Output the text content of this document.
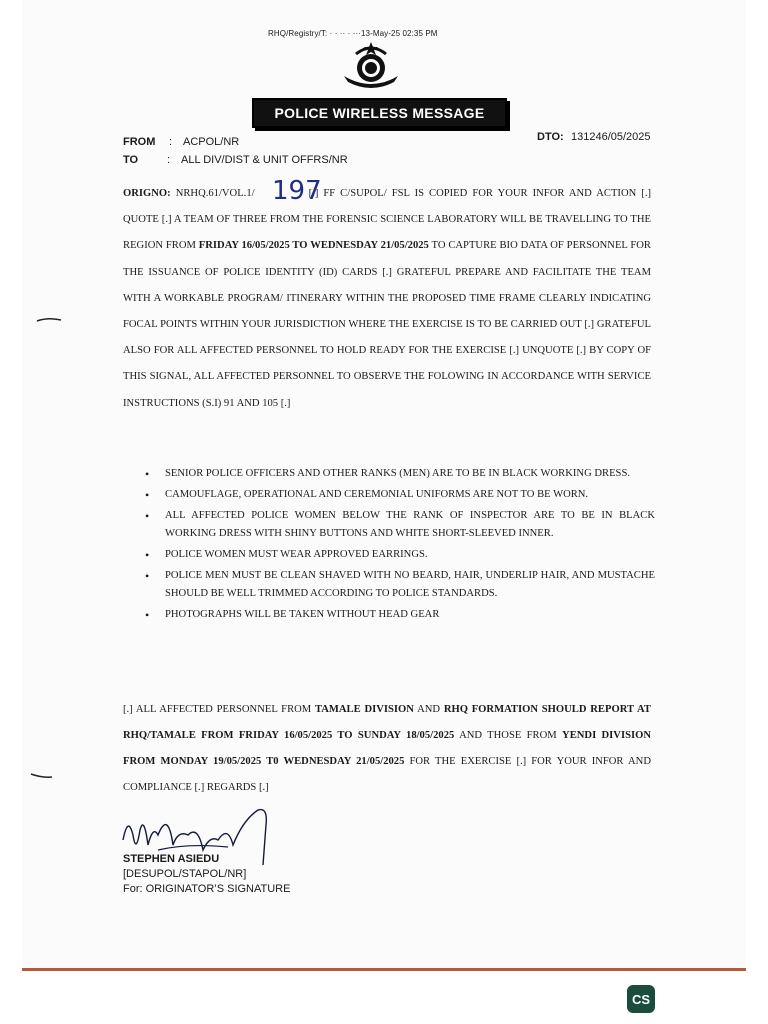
RHQ/Registry/T: · · ·· · ···13-May-25 02:35 PM
POLICE WIRELESS MESSAGE
FROM : ACPOL/NR
TO	: ALL DIV/DIST & UNIT OFFRS/NR
DTO: 131246/05/2025
ORIGNO: NRHQ.61/VOL.1/	[.] FF C/SUPOL/ FSL IS COPIED FOR YOUR INFOR AND ACTION [.] QUOTE [.] A TEAM OF THREE FROM THE FORENSIC SCIENCE LABORATORY WILL BE TRAVELLING TO THE REGION FROM FRIDAY 16/05/2025 TO WEDNESDAY 21/05/2025 TO CAPTURE BIO DATA OF PERSONNEL FOR THE ISSUANCE OF POLICE IDENTITY (ID) CARDS [.] GRATEFUL PREPARE AND FACILITATE THE TEAM WITH A WORKABLE PROGRAM/ ITINERARY WITHIN THE PROPOSED TIME FRAME CLEARLY INDICATING FOCAL POINTS WITHIN YOUR JURISDICTION WHERE THE EXERCISE IS TO BE CARRIED OUT [.] GRATEFUL ALSO FOR ALL AFFECTED PERSONNEL TO HOLD READY FOR THE EXERCISE [.] UNQUOTE [.] BY COPY OF THIS SIGNAL, ALL AFFECTED PERSONNEL TO OBSERVE THE FOLOWING IN ACCORDANCE WITH SERVICE INSTRUCTIONS (S.I) 91 AND 105 [.]
197
• SENIOR POLICE OFFICERS AND OTHER RANKS (MEN) ARE TO BE IN BLACK WORKING DRESS.
• CAMOUFLAGE, OPERATIONAL AND CEREMONIAL UNIFORMS ARE NOT TO BE WORN.
• ALL AFFECTED POLICE WOMEN BELOW THE RANK OF INSPECTOR ARE TO BE IN BLACK WORKING DRESS WITH SHINY BUTTONS AND WHITE SHORT-SLEEVED INNER.
• POLICE WOMEN MUST WEAR APPROVED EARRINGS.
• POLICE MEN MUST BE CLEAN SHAVED WITH NO BEARD, HAIR, UNDERLIP HAIR, AND MUSTACHE SHOULD BE WELL TRIMMED ACCORDING TO POLICE STANDARDS.
• PHOTOGRAPHS WILL BE TAKEN WITHOUT HEAD GEAR
[.] ALL AFFECTED PERSONNEL FROM TAMALE DIVISION AND RHQ FORMATION SHOULD REPORT AT RHQ/TAMALE FROM FRIDAY 16/05/2025 TO SUNDAY 18/05/2025 AND THOSE FROM YENDI DIVISION FROM MONDAY 19/05/2025 T0 WEDNESDAY 21/05/2025 FOR THE EXERCISE [.] FOR YOUR INFOR AND COMPLIANCE [.] REGARDS [.]
STEPHEN ASIEDU
[DESUPOL/STAPOL/NR]
For: ORIGINATOR’S SIGNATURE
CS
